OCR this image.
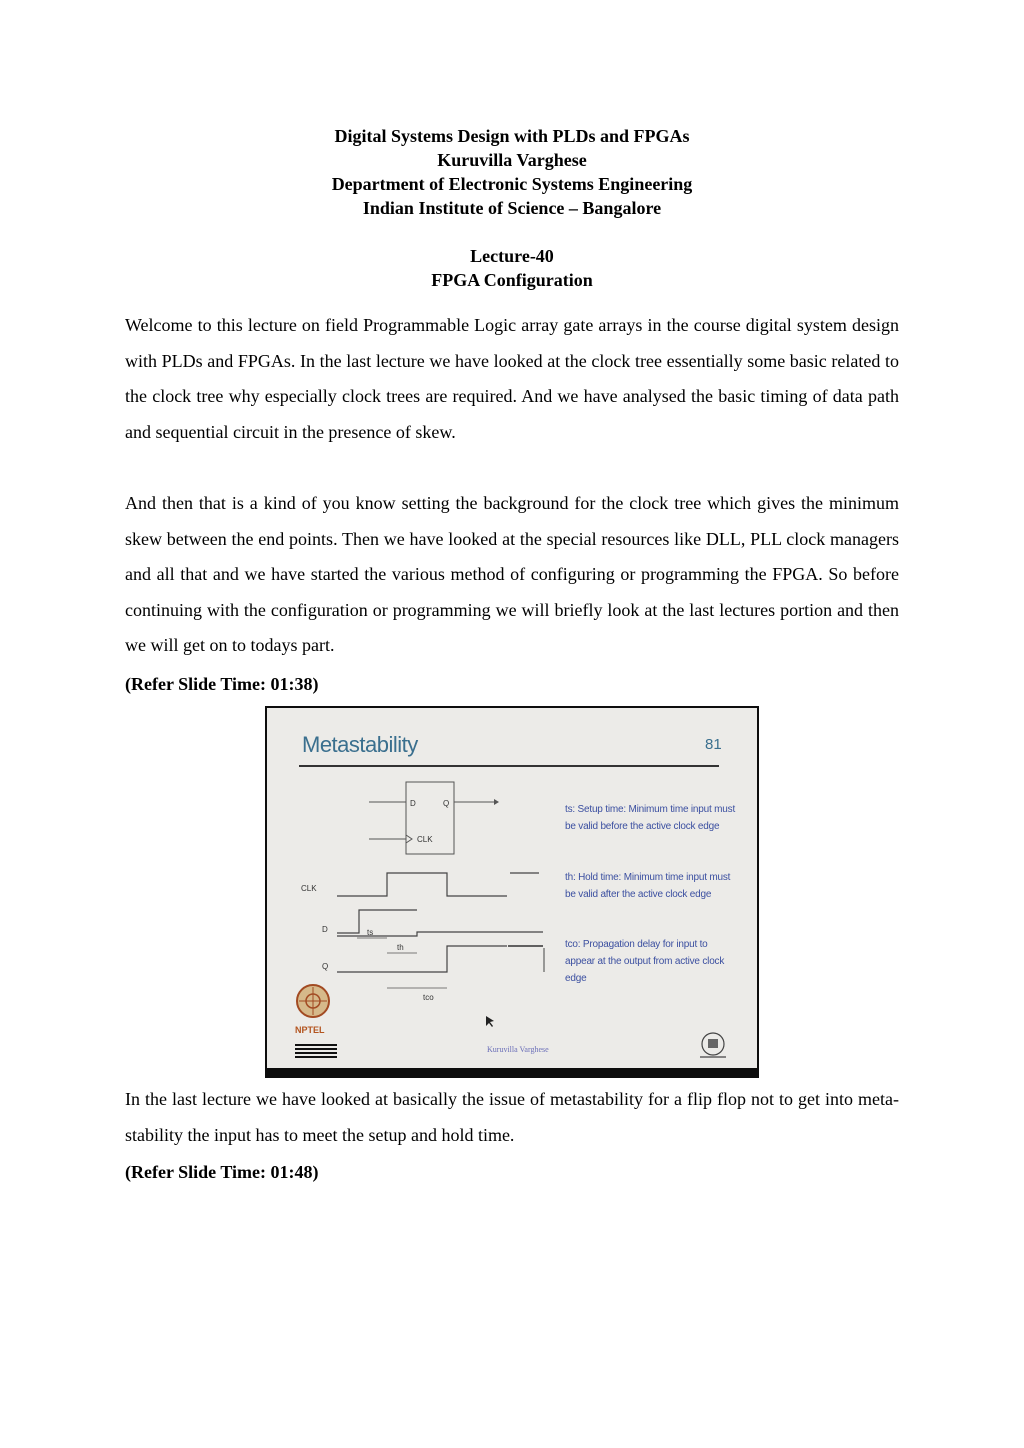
Digital Systems Design with PLDs and FPGAs
Kuruvilla Varghese
Department of Electronic Systems Engineering
Indian Institute of Science – Bangalore
Lecture-40
FPGA Configuration

Welcome to this lecture on field Programmable Logic array gate arrays in the course digital system design with PLDs and FPGAs. In the last lecture we have looked at the clock tree essentially some basic related to the clock tree why especially clock trees are required. And we have analysed the basic timing of data path and sequential circuit in the presence of skew.

And then that is a kind of you know setting the background for the clock tree which gives the minimum skew between the end points. Then we have looked at the special resources like DLL, PLL clock managers and all that and we have started the various method of configuring or programming the FPGA. So before continuing with the configuration or programming we will briefly look at the last lectures portion and then we will get on to todays part.

(Refer Slide Time: 01:38)
Metastability	81
D	Q
CLK
CLK
D
Q
ts
th
tco
NPTEL
ts: Setup time: Minimum time input must be valid before the active clock edge
th: Hold time: Minimum time input must be valid after the active clock edge
tco: Propagation delay for input to appear at the output from active clock edge
Kuruvilla Varghese

In the last lecture we have looked at basically the issue of metastability for a flip flop not to get into meta-stability the input has to meet the setup and hold time.

(Refer Slide Time: 01:48)
